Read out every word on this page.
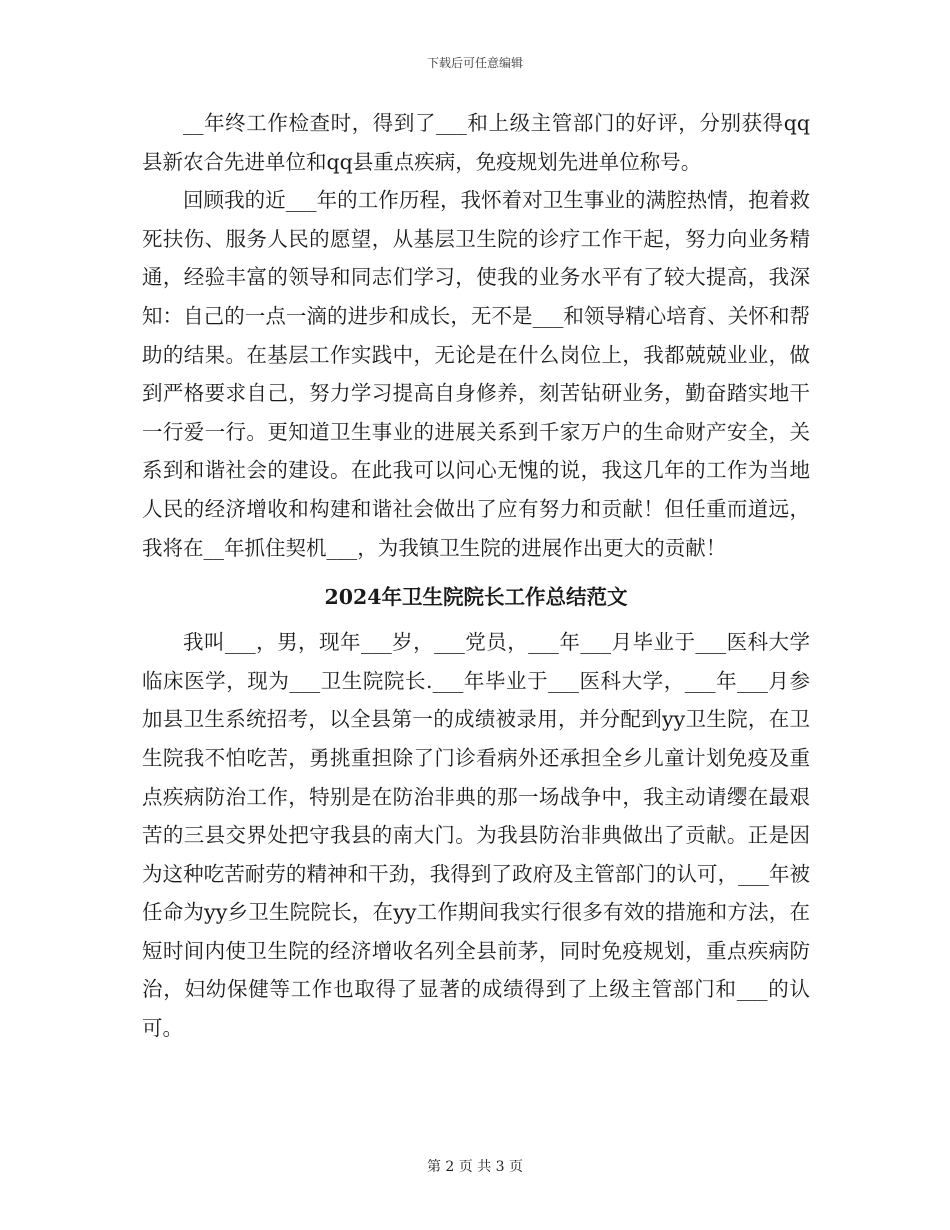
下载后可任意编辑

__年终工作检查时，得到了___和上级主管部门的好评，分别获得qq县新农合先进单位和qq县重点疾病，免疫规划先进单位称号。

回顾我的近___年的工作历程，我怀着对卫生事业的满腔热情，抱着救死扶伤、服务人民的愿望，从基层卫生院的诊疗工作干起，努力向业务精通，经验丰富的领导和同志们学习，使我的业务水平有了较大提高，我深知：自己的一点一滴的进步和成长，无不是___和领导精心培育、关怀和帮助的结果。在基层工作实践中，无论是在什么岗位上，我都兢兢业业，做到严格要求自己，努力学习提高自身修养，刻苦钻研业务，勤奋踏实地干一行爱一行。更知道卫生事业的进展关系到千家万户的生命财产安全，关系到和谐社会的建设。在此我可以问心无愧的说，我这几年的工作为当地人民的经济增收和构建和谐社会做出了应有努力和贡献！但任重而道远，我将在__年抓住契机___，为我镇卫生院的进展作出更大的贡献！

2024年卫生院院长工作总结范文

我叫___，男，现年___岁，___党员，___年___月毕业于___医科大学临床医学，现为___卫生院院长.___年毕业于___医科大学，___年___月参加县卫生系统招考，以全县第一的成绩被录用，并分配到yy卫生院，在卫生院我不怕吃苦，勇挑重担除了门诊看病外还承担全乡儿童计划免疫及重点疾病防治工作，特别是在防治非典的那一场战争中，我主动请缨在最艰苦的三县交界处把守我县的南大门。为我县防治非典做出了贡献。正是因为这种吃苦耐劳的精神和干劲，我得到了政府及主管部门的认可，___年被任命为yy乡卫生院院长，在yy工作期间我实行很多有效的措施和方法，在短时间内使卫生院的经济增收名列全县前茅，同时免疫规划，重点疾病防治，妇幼保健等工作也取得了显著的成绩得到了上级主管部门和___的认可。

第 2 页 共 3 页
